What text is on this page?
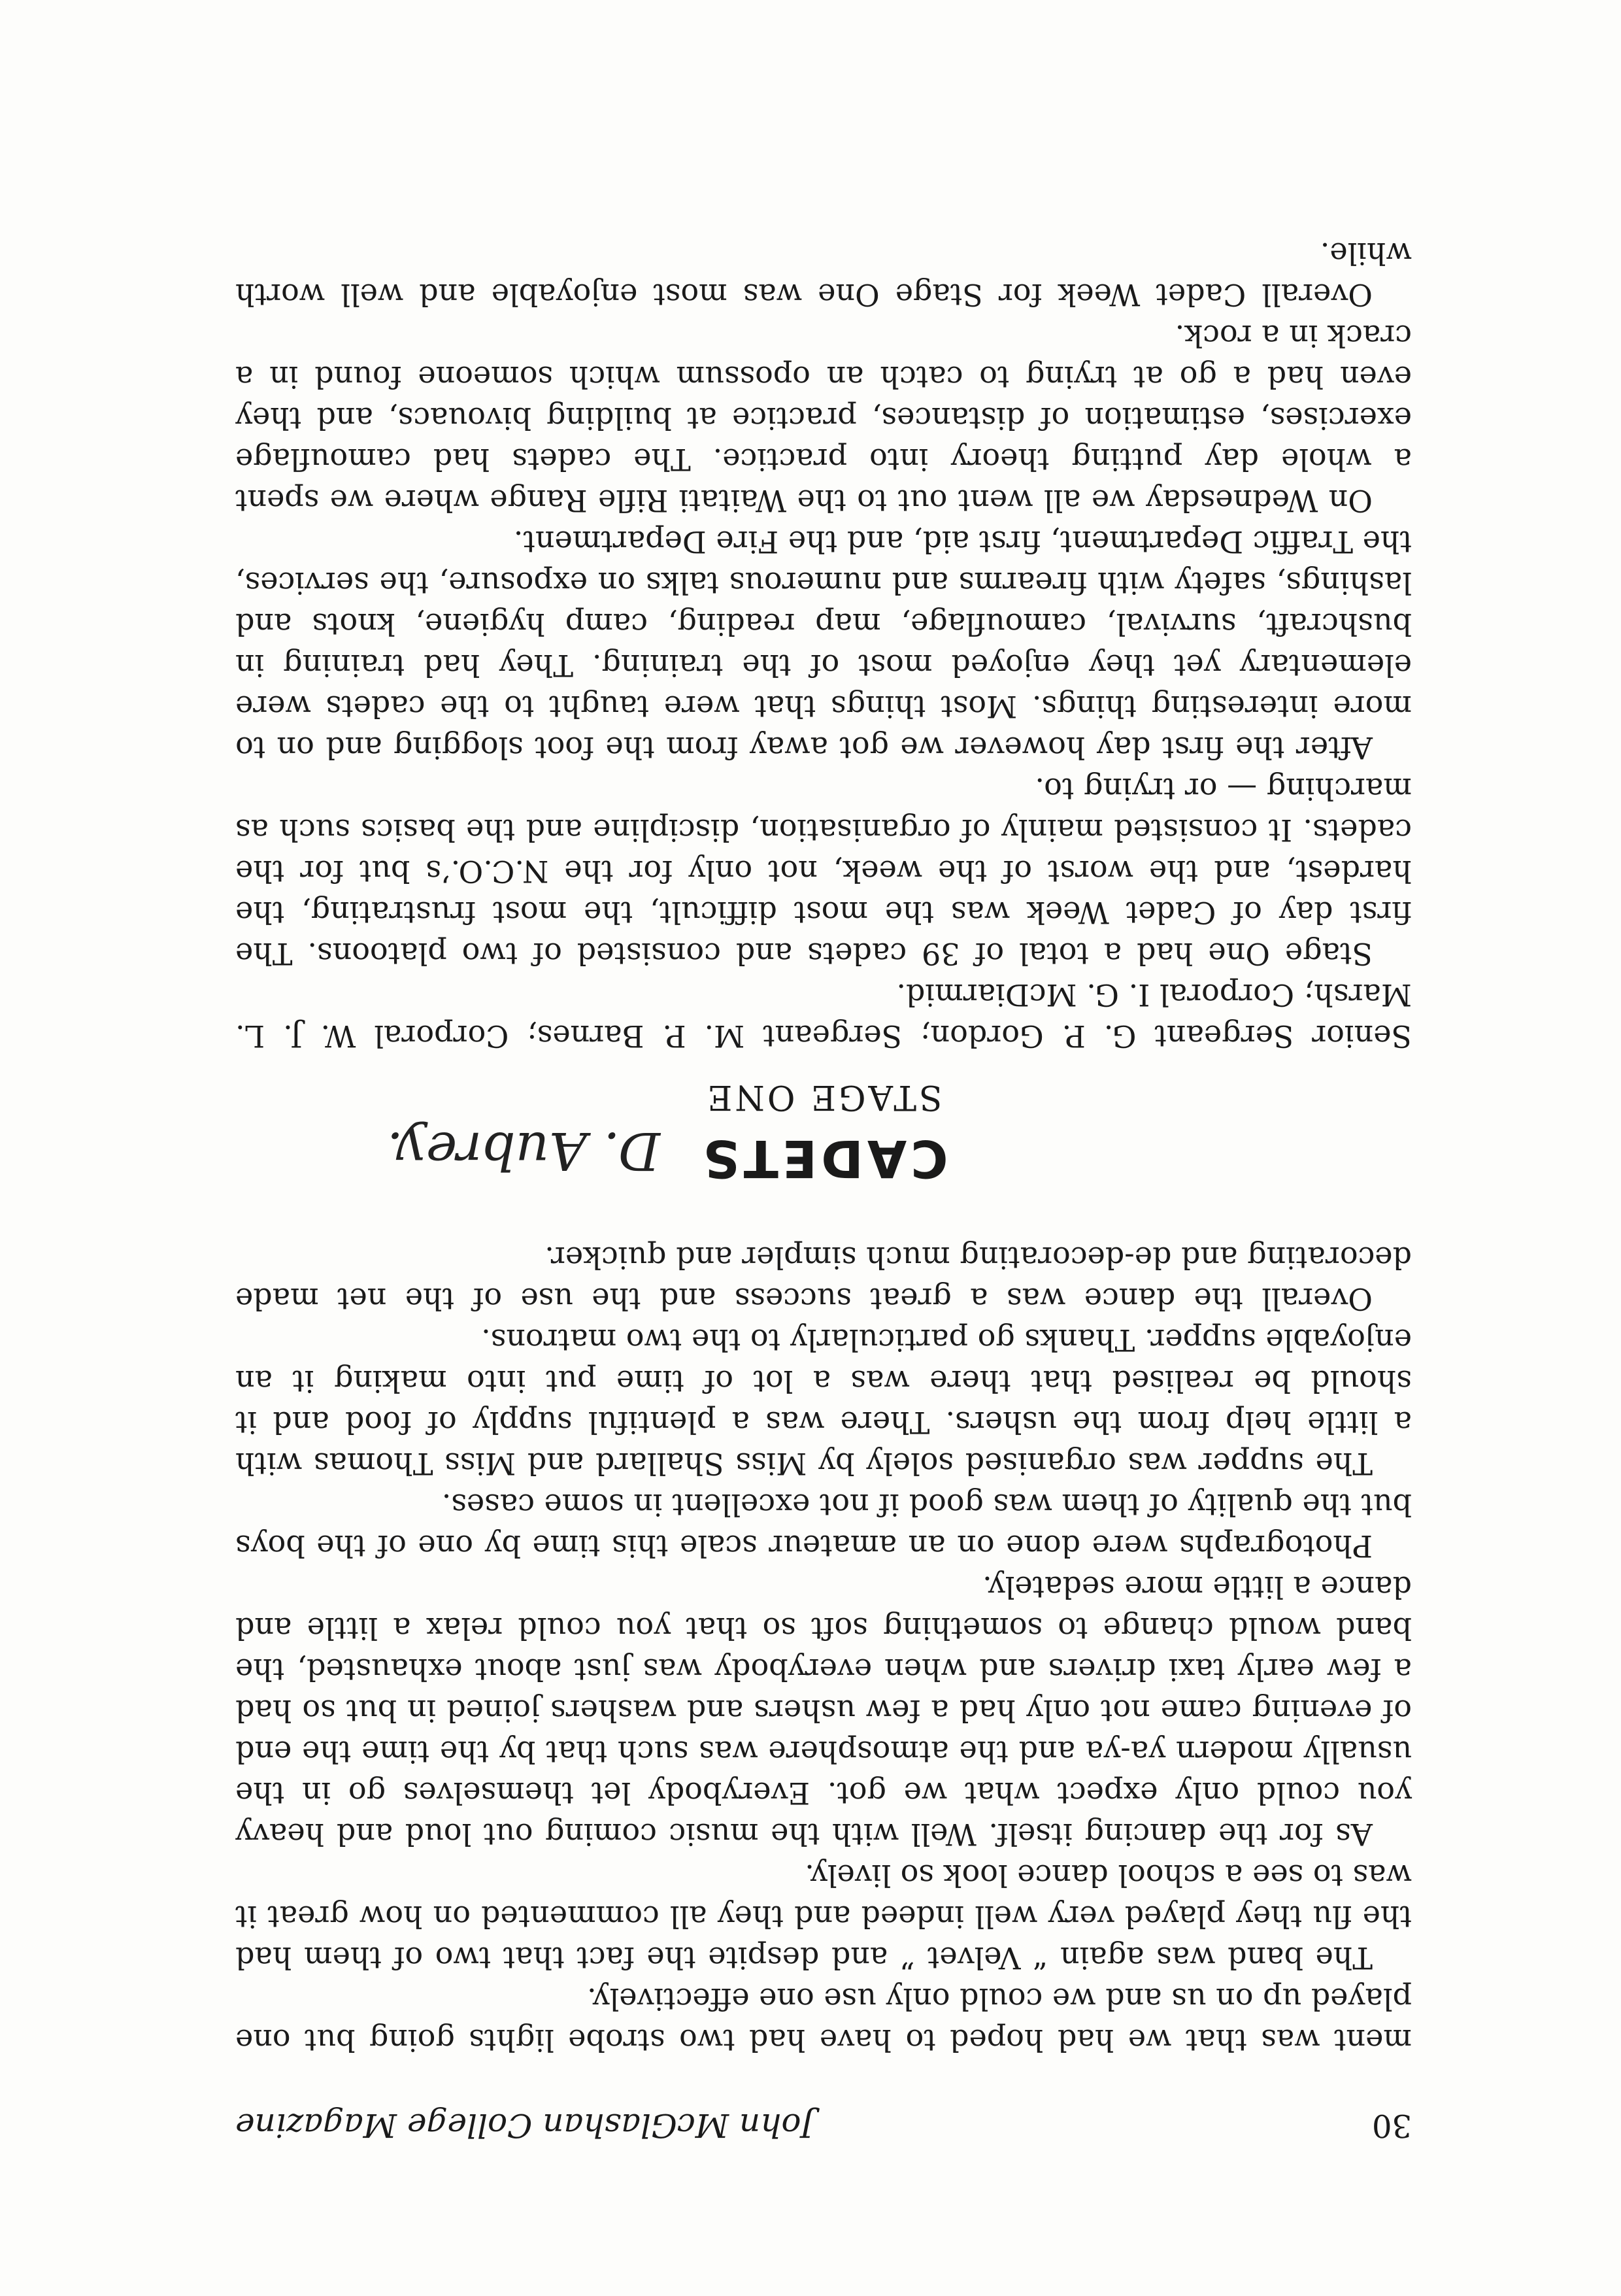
30
John McGlashan College Magazine

ment was that we had hoped to have had two strobe lights going but one played up on us and we could only use one effectively.

The band was again “ Velvet ” and despite the fact that two of them had the flu they played very well indeed and they all commented on how great it was to see a school dance look so lively.

As for the dancing itself. Well with the music coming out loud and heavy you could only expect what we got. Everybody let themselves go in the usually modern ya-ya and the atmosphere was such that by the time the end of evening came not only had a few ushers and washers joined in but so had a few early taxi drivers and when everybody was just about exhausted, the band would change to something soft so that you could relax a little and dance a little more sedately.

Photographs were done on an amateur scale this time by one of the boys but the quality of them was good if not excellent in some cases.

The supper was organised solely by Miss Shallard and Miss Thomas with a little help from the ushers. There was a plentiful supply of food and it should be realised that there was a lot of time put into making it an enjoyable supper. Thanks go particularly to the two matrons.

Overall the dance was a great success and the use of the net made decorating and de-decorating much simpler and quicker.

CADETS
D. Aubrey.
STAGE ONE

Senior Sergeant G. P. Gordon; Sergeant M. P. Barnes; Corporal W. J. L. Marsh; Corporal I. G. McDiarmid.

Stage One had a total of 39 cadets and consisted of two platoons. The first day of Cadet Week was the most difficult, the most frustrating, the hardest, and the worst of the week, not only for the N.C.O.’s but for the cadets. It consisted mainly of organisation, discipline and the basics such as marching — or trying to.

After the first day however we got away from the foot slogging and on to more interesting things. Most things that were taught to the cadets were elementary yet they enjoyed most of the training. They had training in bushcraft, survival, camouflage, map reading, camp hygiene, knots and lashings, safety with firearms and numerous talks on exposure, the services, the Traffic Department, first aid, and the Fire Department.

On Wednesday we all went out to the Waitati Rifle Range where we spent a whole day putting theory into practice. The cadets had camouflage exercises, estimation of distances, practice at building bivouacs, and they even had a go at trying to catch an opossum which someone found in a crack in a rock.

Overall Cadet Week for Stage One was most enjoyable and well worth while.
